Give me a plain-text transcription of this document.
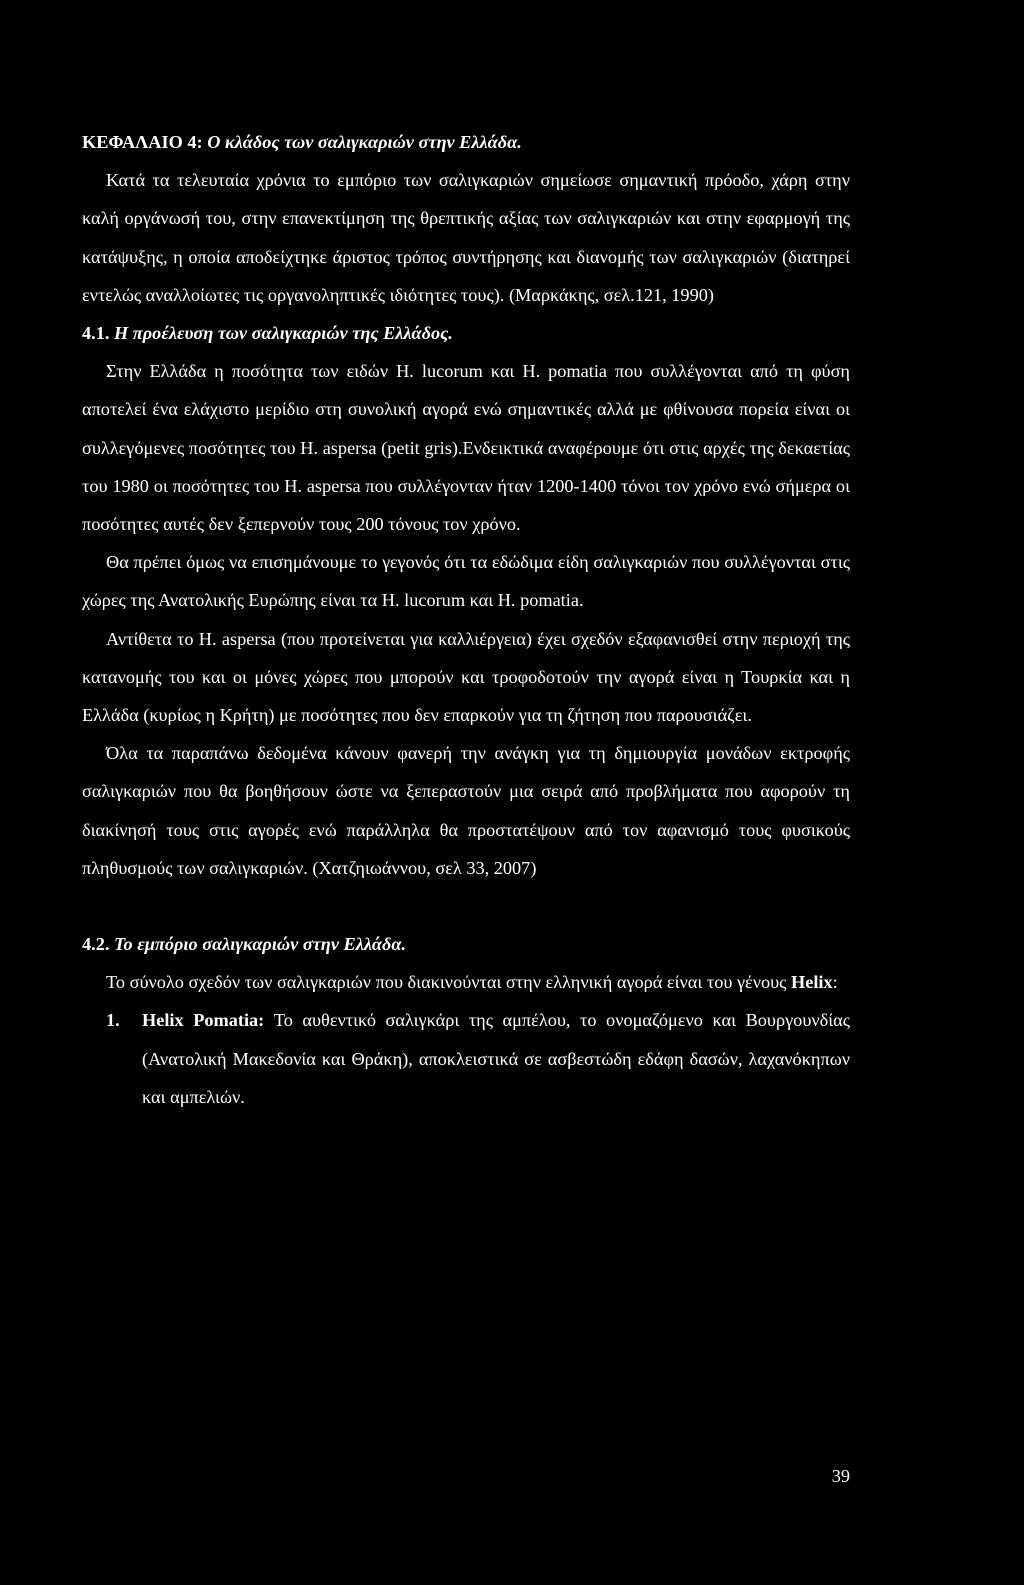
ΚΕΦΑΛΑΙΟ 4: Ο κλάδος των σαλιγκαριών στην Ελλάδα.

Κατά τα τελευταία χρόνια το εμπόριο των σαλιγκαριών σημείωσε σημαντική πρόοδο, χάρη στην καλή οργάνωσή του, στην επανεκτίμηση της θρεπτικής αξίας των σαλιγκαριών και στην εφαρμογή της κατάψυξης, η οποία αποδείχτηκε άριστος τρόπος συντήρησης και διανομής των σαλιγκαριών (διατηρεί εντελώς αναλλοίωτες τις οργανοληπτικές ιδιότητες τους). (Μαρκάκης, σελ.121, 1990)

4.1. Η προέλευση των σαλιγκαριών της Ελλάδος.

Στην Ελλάδα η ποσότητα των ειδών H. lucorum και H. pomatia που συλλέγονται από τη φύση αποτελεί ένα ελάχιστο μερίδιο στη συνολική αγορά ενώ σημαντικές αλλά με φθίνουσα πορεία είναι οι συλλεγόμενες ποσότητες του H. aspersa (petit gris).Ενδεικτικά αναφέρουμε ότι στις αρχές της δεκαετίας του 1980 οι ποσότητες του H. aspersa που συλλέγονταν ήταν 1200-1400 τόνοι τον χρόνο ενώ σήμερα οι ποσότητες αυτές δεν ξεπερνούν τους 200 τόνους τον χρόνο.

Θα πρέπει όμως να επισημάνουμε το γεγονός ότι τα εδώδιμα είδη σαλιγκαριών που συλλέγονται στις χώρες της Ανατολικής Ευρώπης είναι τα H. lucorum και H. pomatia.

Αντίθετα το H. aspersa (που προτείνεται για καλλιέργεια) έχει σχεδόν εξαφανισθεί στην περιοχή της κατανομής του και οι μόνες χώρες που μπορούν και τροφοδοτούν την αγορά είναι η Τουρκία και η Ελλάδα (κυρίως η Κρήτη) με ποσότητες που δεν επαρκούν για τη ζήτηση που παρουσιάζει.

Όλα τα παραπάνω δεδομένα κάνουν φανερή την ανάγκη για τη δημιουργία μονάδων εκτροφής σαλιγκαριών που θα βοηθήσουν ώστε να ξεπεραστούν μια σειρά από προβλήματα που αφορούν τη διακίνησή τους στις αγορές ενώ παράλληλα θα προστατέψουν από τον αφανισμό τους φυσικούς πληθυσμούς των σαλιγκαριών. (Χατζηιωάννου, σελ 33, 2007)

4.2. Το εμπόριο σαλιγκαριών στην Ελλάδα.

Το σύνολο σχεδόν των σαλιγκαριών που διακινούνται στην ελληνική αγορά είναι του γένους Helix:

1.	Helix Pomatia: Το αυθεντικό σαλιγκάρι της αμπέλου, το ονομαζόμενο και Βουργουνδίας (Ανατολική Μακεδονία και Θράκη), αποκλειστικά σε ασβεστώδη εδάφη δασών, λαχανόκηπων και αμπελιών.
39
